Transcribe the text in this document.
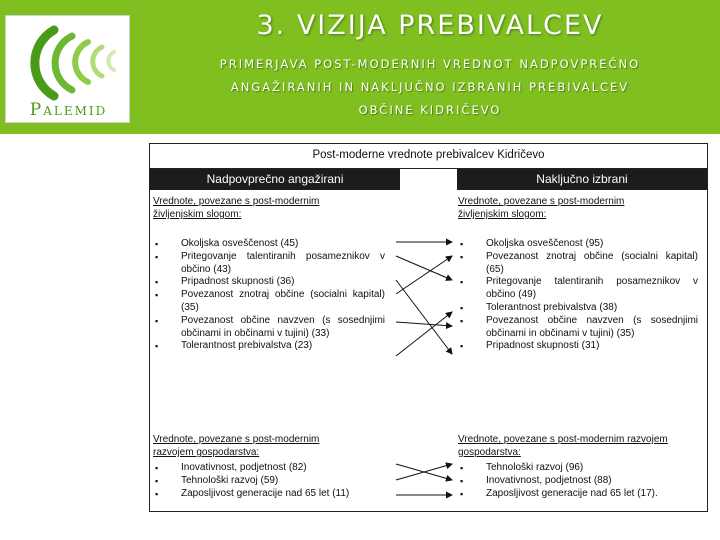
Palemid
3. VIZIJA PREBIVALCEV
PRIMERJAVA POST-MODERNIH VREDNOT NADPOVPREČNO
ANGAŽIRANIH IN NAKLJUČNO IZBRANIH PREBIVALCEV
OBČINE KIDRIČEVO
Post-moderne vrednote prebivalcev Kidričevo
Nadpovprečno angažirani	Naključno izbrani
Vrednote, povezane s post-modernim življenjskim slogom:
▪ Okoljska osveščenost (45)
▪ Pritegovanje talentiranih posameznikov v občino (43)
▪ Pripadnost skupnosti (36)
▪ Povezanost znotraj občine (socialni kapital) (35)
▪ Povezanost občine navzven (s sosednjimi občinami in občinami v tujini) (33)
▪ Tolerantnost prebivalstva (23)
Vrednote, povezane s post-modernim življenjskim slogom:
▪ Okoljska osveščenost (95)
▪ Povezanost znotraj občine (socialni kapital) (65)
▪ Pritegovanje talentiranih posameznikov v občino (49)
▪ Tolerantnost prebivalstva (38)
▪ Povezanost občine navzven (s sosednjimi občinami in občinami v tujini) (35)
▪ Pripadnost skupnosti (31)
Vrednote, povezane s post-modernim razvojem gospodarstva:
▪ Inovativnost, podjetnost (82)
▪ Tehnološki razvoj (59)
▪ Zaposljivost generacije nad 65 let (11)
Vrednote, povezane s post-modernim razvojem gospodarstva:
▪ Tehnološki razvoj (96)
▪ Inovativnost, podjetnost (88)
▪ Zaposljivost generacije nad 65 let (17).
